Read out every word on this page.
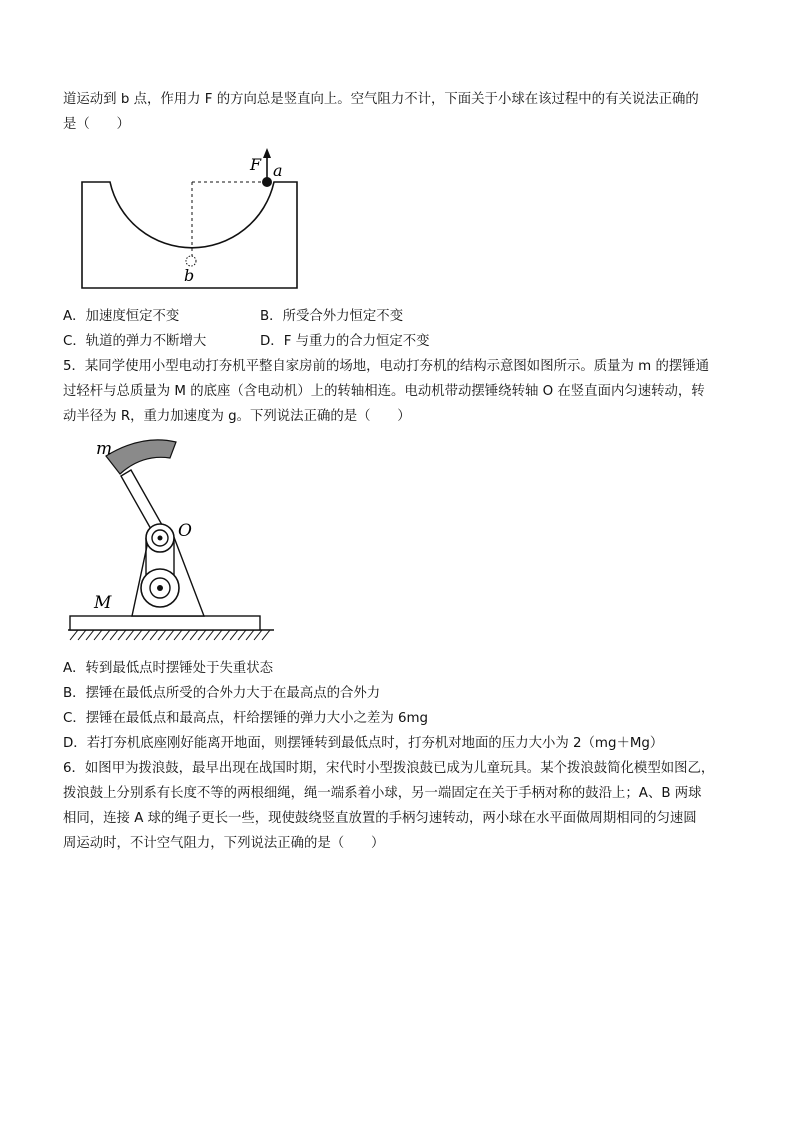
道运动到 b 点，作用力 F 的方向总是竖直向上。空气阻力不计，下面关于小球在该过程中的有关说法正确的
是（　　）
F a
b
A．加速度恒定不变	B．所受合外力恒定不变
C．轨道的弹力不断增大	D．F 与重力的合力恒定不变
5．某同学使用小型电动打夯机平整自家房前的场地，电动打夯机的结构示意图如图所示。质量为 m 的摆锤通
过轻杆与总质量为 M 的底座（含电动机）上的转轴相连。电动机带动摆锤绕转轴 O 在竖直面内匀速转动，转
动半径为 R，重力加速度为 g。下列说法正确的是（　　）
m
O
M
A．转到最低点时摆锤处于失重状态
B．摆锤在最低点所受的合外力大于在最高点的合外力
C．摆锤在最低点和最高点，杆给摆锤的弹力大小之差为 6mg
D．若打夯机底座刚好能离开地面，则摆锤转到最低点时，打夯机对地面的压力大小为 2（mg＋Mg）
6．如图甲为拨浪鼓，最早出现在战国时期，宋代时小型拨浪鼓已成为儿童玩具。某个拨浪鼓简化模型如图乙，
拨浪鼓上分别系有长度不等的两根细绳，绳一端系着小球，另一端固定在关于手柄对称的鼓沿上；A、B 两球
相同，连接 A 球的绳子更长一些，现使鼓绕竖直放置的手柄匀速转动，两小球在水平面做周期相同的匀速圆
周运动时，不计空气阻力，下列说法正确的是（　　）
